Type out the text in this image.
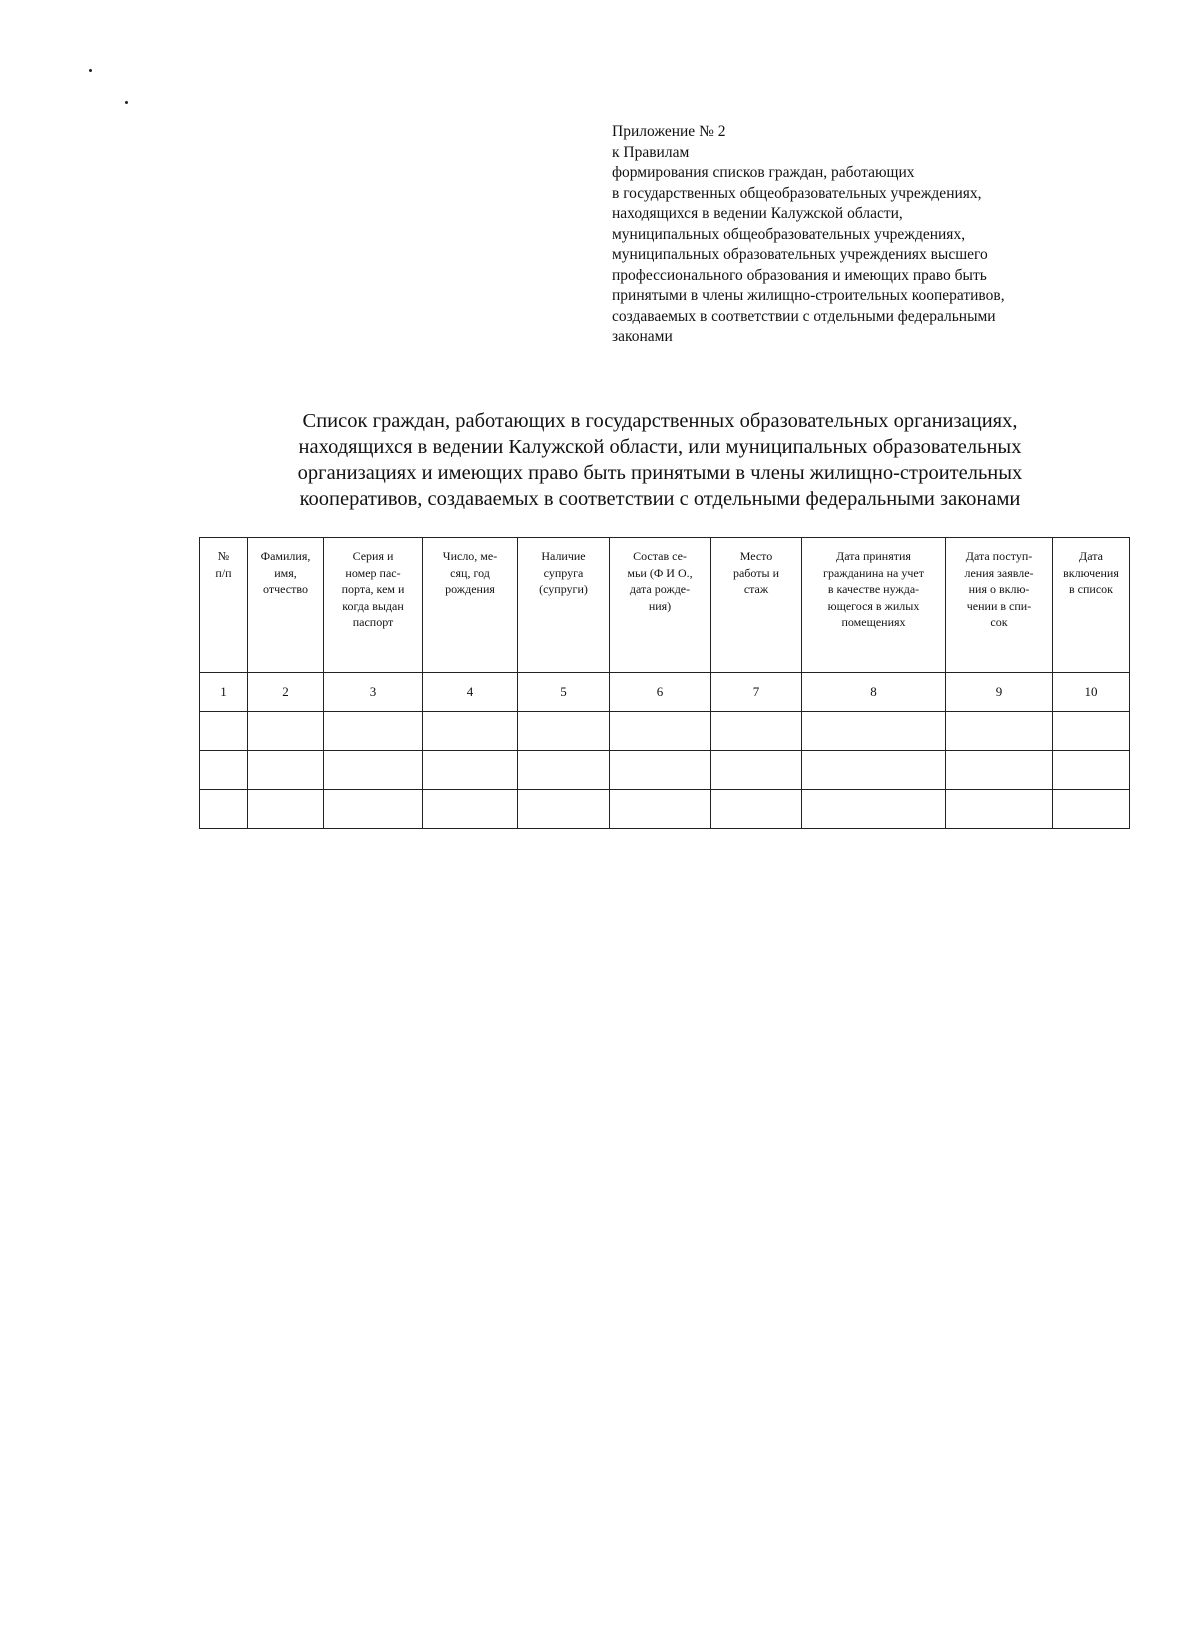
Приложение № 2
к Правилам
формирования списков граждан, работающих
в государственных общеобразовательных учреждениях,
находящихся в ведении Калужской области,
муниципальных общеобразовательных учреждениях,
муниципальных образовательных учреждениях высшего
профессионального образования и имеющих право быть
принятыми в члены жилищно-строительных кооперативов,
создаваемых в соответствии с отдельными федеральными
законами
Список граждан, работающих в государственных образовательных организациях,
находящихся в ведении Калужской области, или муниципальных образовательных
организациях и имеющих право быть принятыми в члены жилищно-строительных
кооперативов, создаваемых в соответствии с отдельными федеральными законами
№
п/п	Фамилия,
имя,
отчество	Серия и
номер пас-
порта, кем и
когда выдан
паспорт	Число, ме-
сяц, год
рождения	Наличие
супруга
(супруги)	Состав се-
мьи (Ф И О.,
дата рожде-
ния)	Место
работы и
стаж	Дата принятия
гражданина на учет
в качестве нужда-
ющегося в жилых
помещениях	Дата поступ-
ления заявле-
ния о вклю-
чении в спи-
сок	Дата
включения
в список
1	2	3	4	5	6	7	8	9	10
